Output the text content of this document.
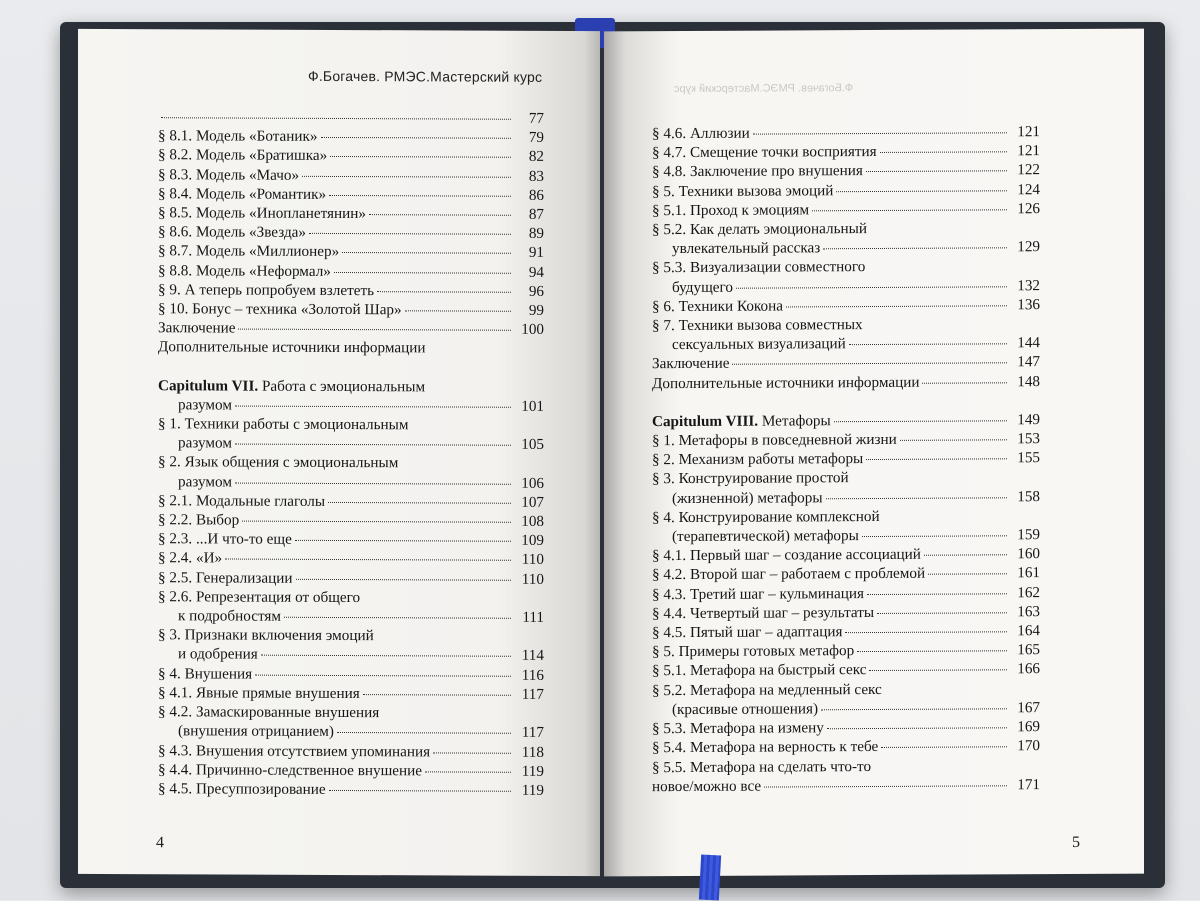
Ф.Богачев. РМЭС.Мастерский курс
77
§ 8.1. Модель «Ботаник»	79
§ 8.2. Модель «Братишка»	82
§ 8.3. Модель «Мачо»	83
§ 8.4. Модель «Романтик»	86
§ 8.5. Модель «Инопланетянин»	87
§ 8.6. Модель «Звезда»	89
§ 8.7. Модель «Миллионер»	91
§ 8.8. Модель «Неформал»	94
§ 9. А теперь попробуем взлететь	96
§ 10. Бонус – техника «Золотой Шар»	99
Заключение	100
Дополнительные источники информации
Capitulum VII. Работа с эмоциональным
разумом	101
§ 1. Техники работы с эмоциональным
разумом	105
§ 2. Язык общения с эмоциональным
разумом	106
§ 2.1. Модальные глаголы	107
§ 2.2. Выбор	108
§ 2.3. ...И что-то еще	109
§ 2.4. «И»	110
§ 2.5. Генерализации	110
§ 2.6. Репрезентация от общего
к подробностям	111
§ 3. Признаки включения эмоций
и одобрения	114
§ 4. Внушения	116
§ 4.1. Явные прямые внушения	117
§ 4.2. Замаскированные внушения
(внушения отрицанием)	117
§ 4.3. Внушения отсутствием упоминания	118
§ 4.4. Причинно-следственное внушение	119
§ 4.5. Пресуппозирование	119
4
Ф.Богачев. РМЭС.Мастерский курс
§ 4.6. Аллюзии	121
§ 4.7. Смещение точки восприятия	121
§ 4.8. Заключение про внушения	122
§ 5. Техники вызова эмоций	124
§ 5.1. Проход к эмоциям	126
§ 5.2. Как делать эмоциональный
увлекательный рассказ	129
§ 5.3. Визуализации совместного
будущего	132
§ 6. Техники Кокона	136
§ 7. Техники вызова совместных
сексуальных визуализаций	144
Заключение	147
Дополнительные источники информации	148
Capitulum VIII. Метафоры	149
§ 1. Метафоры в повседневной жизни	153
§ 2. Механизм работы метафоры	155
§ 3. Конструирование простой
(жизненной) метафоры	158
§ 4. Конструирование комплексной
(терапевтической) метафоры	159
§ 4.1. Первый шаг – создание ассоциаций	160
§ 4.2. Второй шаг – работаем с проблемой	161
§ 4.3. Третий шаг – кульминация	162
§ 4.4. Четвертый шаг – результаты	163
§ 4.5. Пятый шаг – адаптация	164
§ 5. Примеры готовых метафор	165
§ 5.1. Метафора на быстрый секс	166
§ 5.2. Метафора на медленный секс
(красивые отношения)	167
§ 5.3. Метафора на измену	169
§ 5.4. Метафора на верность к тебе	170
§ 5.5. Метафора на сделать что-то
новое/можно все	171
5
